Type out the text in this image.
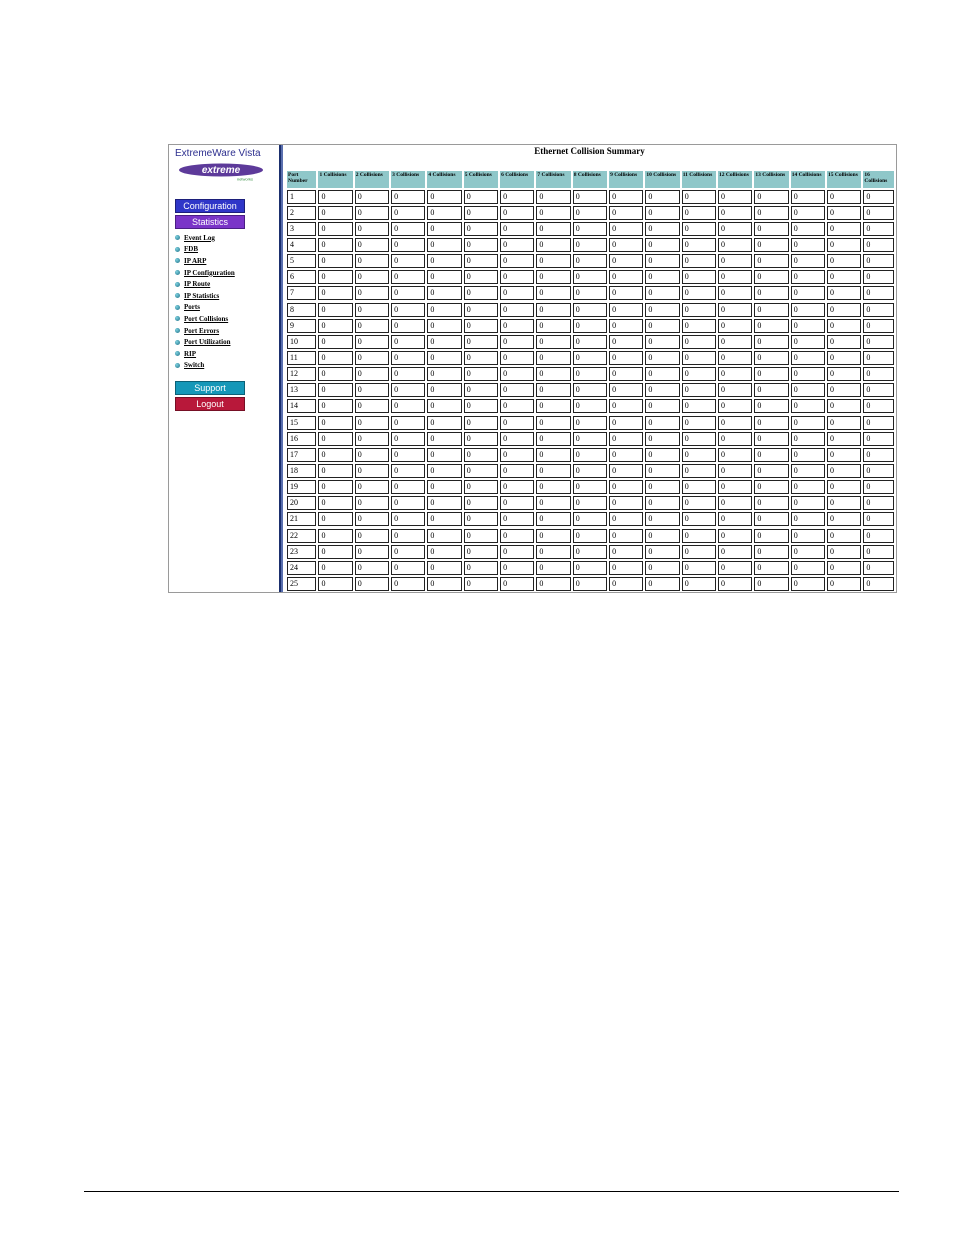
ExtremeWare Vista
extreme
networks
Configuration
Statistics
Event Log
FDB
IP ARP
IP Configuration
IP Route
IP Statistics
Ports
Port Collisions
Port Errors
Port Utilization
RIP
Switch
Support
Logout
Ethernet Collision Summary
Port Number	1 Collisions	2 Collisions	3 Collisions	4 Collisions	5 Collisions	6 Collisions	7 Collisions	8 Collisions	9 Collisions	10 Collisions	11 Collisions	12 Collisions	13 Collisions	14 Collisions	15 Collisions	16 Collisions

1	0	0	0	0	0	0	0	0	0	0	0	0	0	0	0	0

2	0	0	0	0	0	0	0	0	0	0	0	0	0	0	0	0

3	0	0	0	0	0	0	0	0	0	0	0	0	0	0	0	0

4	0	0	0	0	0	0	0	0	0	0	0	0	0	0	0	0

5	0	0	0	0	0	0	0	0	0	0	0	0	0	0	0	0

6	0	0	0	0	0	0	0	0	0	0	0	0	0	0	0	0

7	0	0	0	0	0	0	0	0	0	0	0	0	0	0	0	0

8	0	0	0	0	0	0	0	0	0	0	0	0	0	0	0	0

9	0	0	0	0	0	0	0	0	0	0	0	0	0	0	0	0

10	0	0	0	0	0	0	0	0	0	0	0	0	0	0	0	0

11	0	0	0	0	0	0	0	0	0	0	0	0	0	0	0	0

12	0	0	0	0	0	0	0	0	0	0	0	0	0	0	0	0

13	0	0	0	0	0	0	0	0	0	0	0	0	0	0	0	0

14	0	0	0	0	0	0	0	0	0	0	0	0	0	0	0	0

15	0	0	0	0	0	0	0	0	0	0	0	0	0	0	0	0

16	0	0	0	0	0	0	0	0	0	0	0	0	0	0	0	0

17	0	0	0	0	0	0	0	0	0	0	0	0	0	0	0	0

18	0	0	0	0	0	0	0	0	0	0	0	0	0	0	0	0

19	0	0	0	0	0	0	0	0	0	0	0	0	0	0	0	0

20	0	0	0	0	0	0	0	0	0	0	0	0	0	0	0	0

21	0	0	0	0	0	0	0	0	0	0	0	0	0	0	0	0

22	0	0	0	0	0	0	0	0	0	0	0	0	0	0	0	0

23	0	0	0	0	0	0	0	0	0	0	0	0	0	0	0	0

24	0	0	0	0	0	0	0	0	0	0	0	0	0	0	0	0

25	0	0	0	0	0	0	0	0	0	0	0	0	0	0	0	0
